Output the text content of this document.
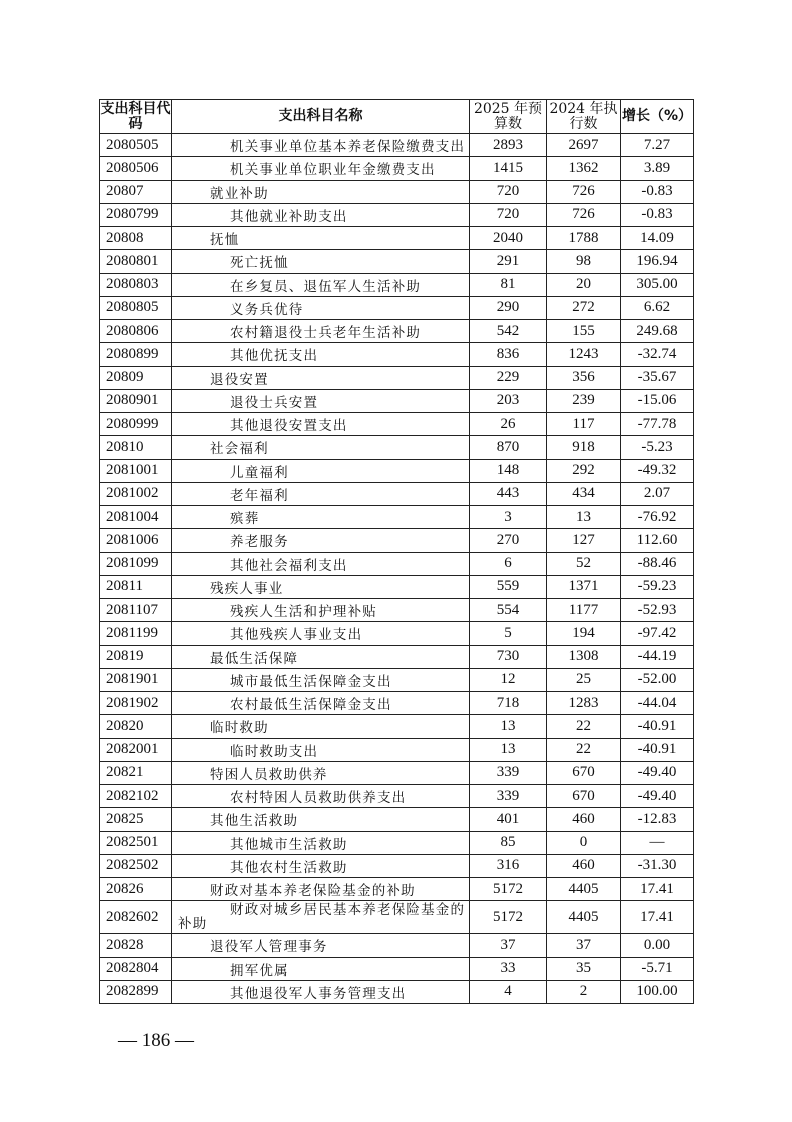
支出科目代码	支出科目名称	2025 年预算数	2024 年执行数	增长（%）
2080505	机关事业单位基本养老保险缴费支出	2893	2697	7.27
2080506	机关事业单位职业年金缴费支出	1415	1362	3.89
20807	就业补助	720	726	-0.83
2080799	其他就业补助支出	720	726	-0.83
20808	抚恤	2040	1788	14.09
2080801	死亡抚恤	291	98	196.94
2080803	在乡复员、退伍军人生活补助	81	20	305.00
2080805	义务兵优待	290	272	6.62
2080806	农村籍退役士兵老年生活补助	542	155	249.68
2080899	其他优抚支出	836	1243	-32.74
20809	退役安置	229	356	-35.67
2080901	退役士兵安置	203	239	-15.06
2080999	其他退役安置支出	26	117	-77.78
20810	社会福利	870	918	-5.23
2081001	儿童福利	148	292	-49.32
2081002	老年福利	443	434	2.07
2081004	殡葬	3	13	-76.92
2081006	养老服务	270	127	112.60
2081099	其他社会福利支出	6	52	-88.46
20811	残疾人事业	559	1371	-59.23
2081107	残疾人生活和护理补贴	554	1177	-52.93
2081199	其他残疾人事业支出	5	194	-97.42
20819	最低生活保障	730	1308	-44.19
2081901	城市最低生活保障金支出	12	25	-52.00
2081902	农村最低生活保障金支出	718	1283	-44.04
20820	临时救助	13	22	-40.91
2082001	临时救助支出	13	22	-40.91
20821	特困人员救助供养	339	670	-49.40
2082102	农村特困人员救助供养支出	339	670	-49.40
20825	其他生活救助	401	460	-12.83
2082501	其他城市生活救助	85	0	—
2082502	其他农村生活救助	316	460	-31.30
20826	财政对基本养老保险基金的补助	5172	4405	17.41
2082602	财政对城乡居民基本养老保险基金的补助	5172	4405	17.41
20828	退役军人管理事务	37	37	0.00
2082804	拥军优属	33	35	-5.71
2082899	其他退役军人事务管理支出	4	2	100.00
— 186 —
